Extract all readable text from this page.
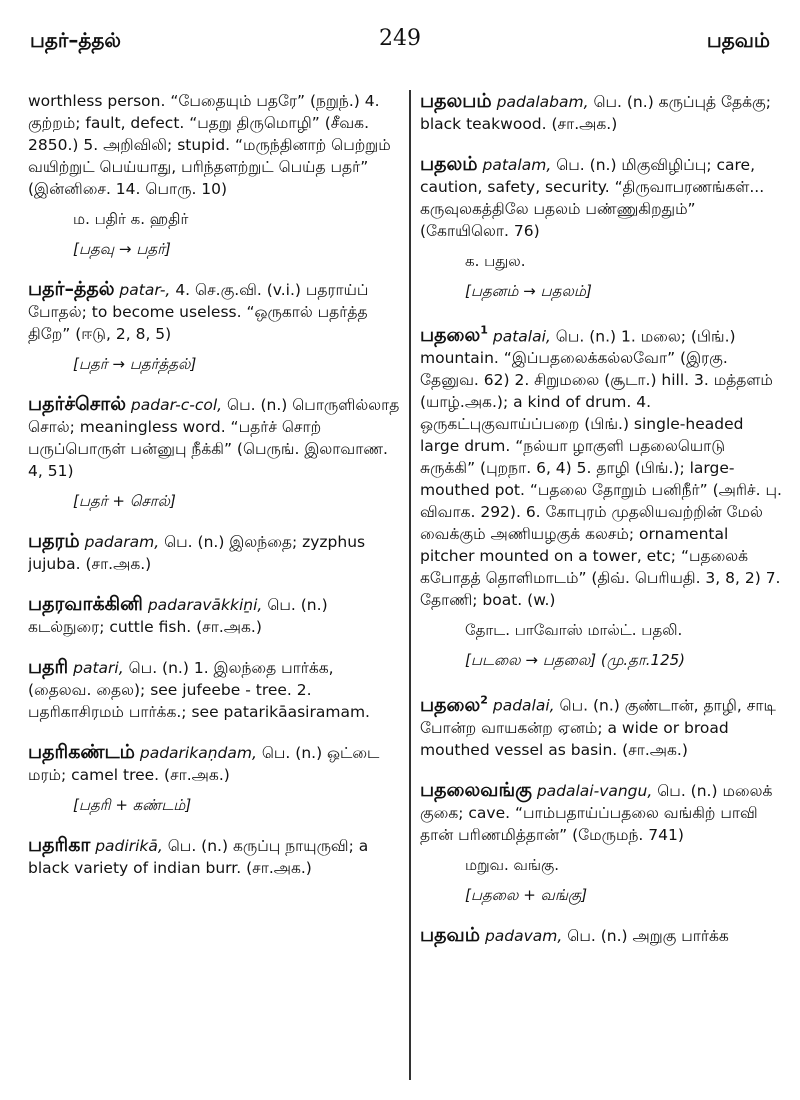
பதர்–த்தல்	249	பதவம்
worthless person. “பேதையும் பதரே” (நறுந்.) 4. குற்றம்; fault, defect. “பதறு திருமொழி” (சீவக. 2850.) 5. அறிவிலி; stupid. “மருந்தினாற் பெற்றும் வயிற்றுட் பெய்யாது, பரிந்தளற்றுட் பெய்த பதர்” (இன்னிசை. 14. பொரு. 10)
ம. பதிர் க. ஹதிர்
[பதவு → பதர்]
பதர்–த்தல் patar-, 4. செ.கு.வி. (v.i.) பதராய்ப் போதல்; to become useless. “ஒருகால் பதர்த்த திறே” (ஈடு, 2, 8, 5)
[பதர் → பதர்த்தல்]
பதர்ச்சொல் padar-c-col, பெ. (n.) பொருளில்லாத சொல்; meaningless word. “பதர்ச் சொற் பருப்பொருள் பன்னுபு நீக்கி” (பெருங். இலாவாண. 4, 51)
[பதர் + சொல்]
பதரம் padaram, பெ. (n.) இலந்தை; zyzphus jujuba. (சா.அக.)
பதரவாக்கினி padaravākkiṉi, பெ. (n.) கடல்நுரை; cuttle fish. (சா.அக.)
பதரி patari, பெ. (n.) 1. இலந்தை பார்க்க, (தைலவ. தைல); see jufeebe - tree. 2. பதரிகாசிரமம் பார்க்க.; see patarikāasiramam.
பதரிகண்டம் padarikaṇdam, பெ. (n.) ஒட்டை மரம்; camel tree. (சா.அக.)
[பதரி + கண்டம்]
பதரிகா padirikā, பெ. (n.) கருப்பு நாயுருவி; a black variety of indian burr. (சா.அக.)
பதலபம் padalabam, பெ. (n.) கருப்புத் தேக்கு; black teakwood. (சா.அக.)
பதலம் patalam, பெ. (n.) மிகுவிழிப்பு; care, caution, safety, security. “திருவாபரணங்கள்... கருவுலகத்திலே பதலம் பண்ணுகிறதும்” (கோயிலொ. 76)
க. பதுல.
[பதனம் → பதலம்]
பதலை$^1$ patalai, பெ. (n.) 1. மலை; (பிங்.) mountain. “இப்பதலைக்கல்லவோ” (இரகு. தேனுவ. 62) 2. சிறுமலை (சூடா.) hill. 3. மத்தளம் (யாழ்.அக.); a kind of drum. 4. ஒருகட்புகுவாய்ப்பறை (பிங்.) single-headed large drum. “நல்யா ழாகுளி பதலையொடு சுருக்கி” (புறநா. 6, 4) 5. தாழி (பிங்.); large-mouthed pot. “பதலை தோறும் பனிநீர்” (அரிச். பு. விவாக. 292). 6. கோபுரம் முதலியவற்றின் மேல் வைக்கும் அணியழகுக் கலசம்; ornamental pitcher mounted on a tower, etc; “பதலைக் கபோதத் தொளிமாடம்” (திவ். பெரியதி. 3, 8, 2) 7. தோணி; boat. (w.)
தோட. பாவோஸ் மால்ட். பதலி.
[படலை → பதலை] (மு.தா.125)
பதலை$^2$ padalai, பெ. (n.) குண்டான், தாழி, சாடி போன்ற வாயகன்ற ஏனம்; a wide or broad mouthed vessel as basin. (சா.அக.)
பதலைவங்கு padalai-vangu, பெ. (n.) மலைக் குகை; cave. “பாம்பதாய்ப்பதலை வங்கிற் பாவி தான் பரிணமித்தான்” (மேருமந். 741)
மறுவ. வங்கு.
[பதலை + வங்கு]
பதவம் padavam, பெ. (n.) அறுகு பார்க்க
